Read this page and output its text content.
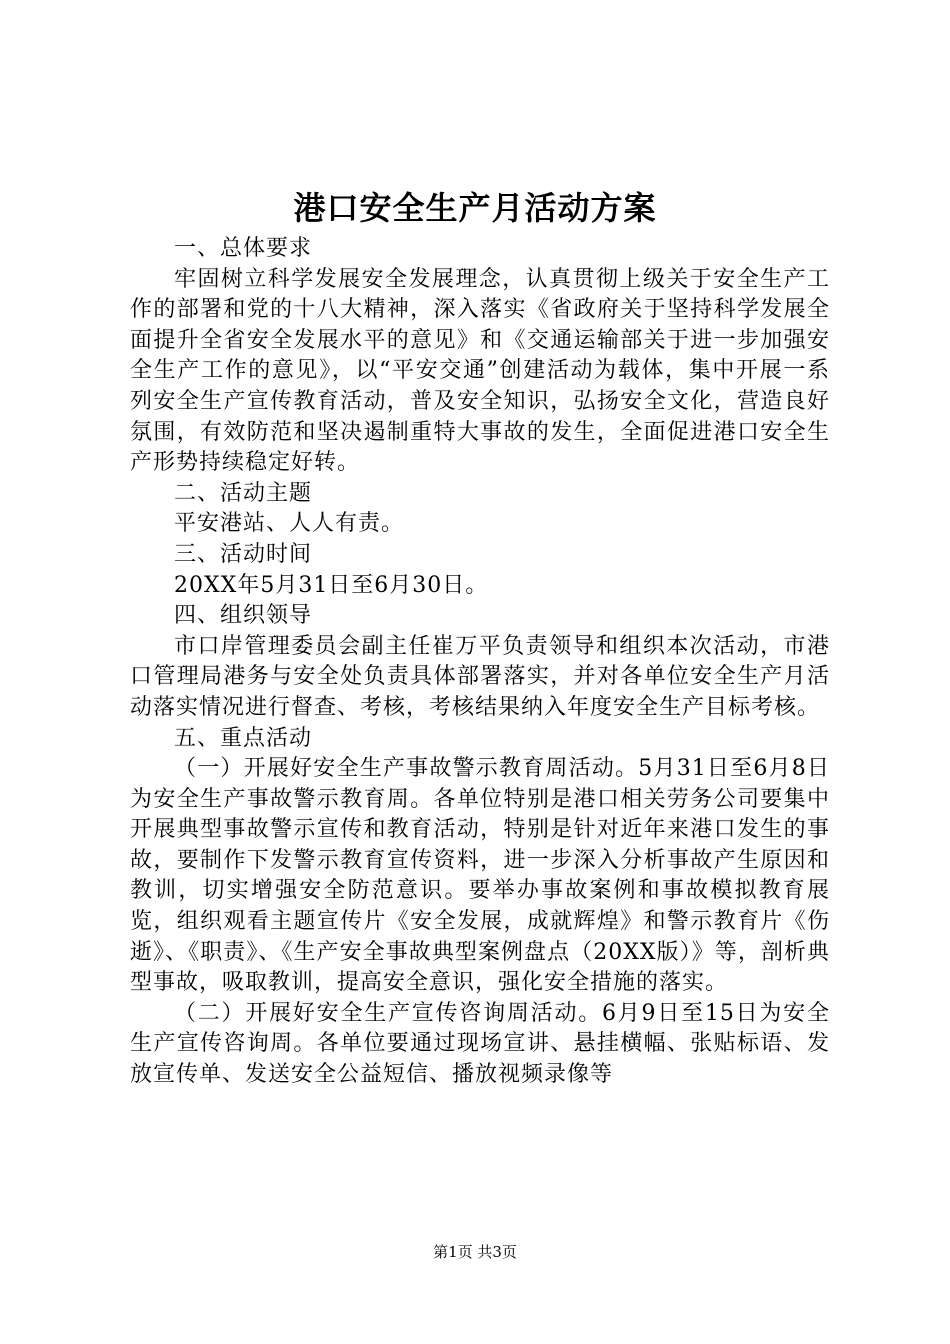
港口安全生产月活动方案

一、总体要求

牢固树立科学发展安全发展理念，认真贯彻上级关于安全生产工作的部署和党的十八大精神，深入落实《省政府关于坚持科学发展全面提升全省安全发展水平的意见》和《交通运输部关于进一步加强安全生产工作的意见》，以“平安交通”创建活动为载体，集中开展一系列安全生产宣传教育活动，普及安全知识，弘扬安全文化，营造良好氛围，有效防范和坚决遏制重特大事故的发生，全面促进港口安全生产形势持续稳定好转。

二、活动主题

平安港站、人人有责。

三、活动时间

20XX年5月31日至6月30日。

四、组织领导

市口岸管理委员会副主任崔万平负责领导和组织本次活动，市港口管理局港务与安全处负责具体部署落实，并对各单位安全生产月活动落实情况进行督查、考核，考核结果纳入年度安全生产目标考核。

五、重点活动

（一）开展好安全生产事故警示教育周活动。5月31日至6月8日为安全生产事故警示教育周。各单位特别是港口相关劳务公司要集中开展典型事故警示宣传和教育活动，特别是针对近年来港口发生的事故，要制作下发警示教育宣传资料，进一步深入分析事故产生原因和教训，切实增强安全防范意识。要举办事故案例和事故模拟教育展览，组织观看主题宣传片《安全发展，成就辉煌》和警示教育片《伤逝》、《职责》、《生产安全事故典型案例盘点（20XX版）》等，剖析典型事故，吸取教训，提高安全意识，强化安全措施的落实。

（二）开展好安全生产宣传咨询周活动。6月9日至15日为安全生产宣传咨询周。各单位要通过现场宣讲、悬挂横幅、张贴标语、发放宣传单、发送安全公益短信、播放视频录像等

第1页 共3页
